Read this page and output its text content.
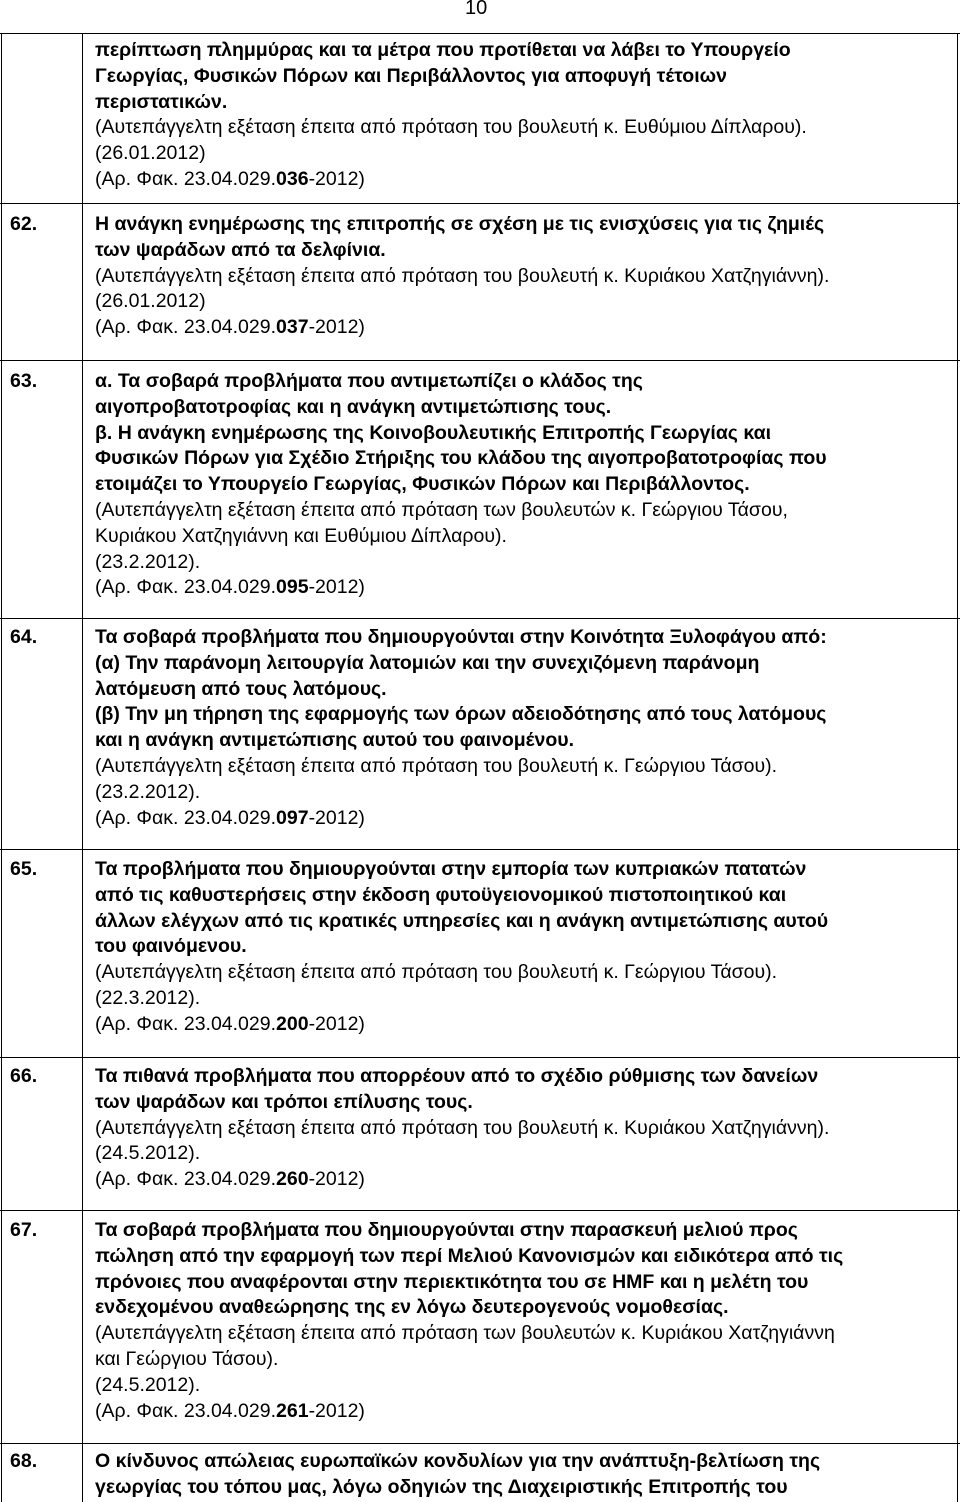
10
περίπτωση πλημμύρας και τα μέτρα που προτίθεται να λάβει το Υπουργείο
Γεωργίας, Φυσικών Πόρων και Περιβάλλοντος για αποφυγή τέτοιων
περιστατικών.
(Αυτεπάγγελτη εξέταση έπειτα από πρόταση του βουλευτή κ. Ευθύμιου Δίπλαρου).
(26.01.2012)
(Αρ. Φακ. 23.04.029.036-2012)
62.	Η ανάγκη ενημέρωσης της επιτροπής σε σχέση με τις ενισχύσεις για τις ζημιές
των ψαράδων από τα δελφίνια.
(Αυτεπάγγελτη εξέταση έπειτα από πρόταση του βουλευτή κ. Κυριάκου Χατζηγιάννη).
(26.01.2012)
(Αρ. Φακ. 23.04.029.037-2012)
63.	α. Τα σοβαρά προβλήματα που αντιμετωπίζει ο κλάδος της
αιγοπροβατοτροφίας και η ανάγκη αντιμετώπισης τους.
β. Η ανάγκη ενημέρωσης της Κοινοβουλευτικής Επιτροπής Γεωργίας και
Φυσικών Πόρων για Σχέδιο Στήριξης του κλάδου της αιγοπροβατοτροφίας που
ετοιμάζει το Υπουργείο Γεωργίας, Φυσικών Πόρων και Περιβάλλοντος.
(Αυτεπάγγελτη εξέταση έπειτα από πρόταση των βουλευτών κ. Γεώργιου Τάσου,
Κυριάκου Χατζηγιάννη και Ευθύμιου Δίπλαρου).
(23.2.2012).
(Αρ. Φακ. 23.04.029.095-2012)
64.	Τα σοβαρά προβλήματα που δημιουργούνται στην Κοινότητα Ξυλοφάγου από:
(α) Την παράνομη λειτουργία λατομιών και την συνεχιζόμενη παράνομη
λατόμευση από τους λατόμους.
(β) Την μη τήρηση της εφαρμογής των όρων αδειοδότησης από τους λατόμους
και η ανάγκη αντιμετώπισης αυτού του φαινομένου.
(Αυτεπάγγελτη εξέταση έπειτα από πρόταση του βουλευτή κ. Γεώργιου Τάσου).
(23.2.2012).
(Αρ. Φακ. 23.04.029.097-2012)
65.	Τα προβλήματα που δημιουργούνται στην εμπορία των κυπριακών πατατών
από τις καθυστερήσεις στην έκδοση φυτοϋγειονομικού πιστοποιητικού και
άλλων ελέγχων από τις κρατικές υπηρεσίες και η ανάγκη αντιμετώπισης αυτού
του φαινόμενου.
(Αυτεπάγγελτη εξέταση έπειτα από πρόταση του βουλευτή κ. Γεώργιου Τάσου).
(22.3.2012).
(Αρ. Φακ. 23.04.029.200-2012)
66.	Τα πιθανά προβλήματα που απορρέουν από το σχέδιο ρύθμισης των δανείων
των ψαράδων και τρόποι επίλυσης τους.
(Αυτεπάγγελτη εξέταση έπειτα από πρόταση του βουλευτή κ. Κυριάκου Χατζηγιάννη).
(24.5.2012).
(Αρ. Φακ. 23.04.029.260-2012)
67.	Τα σοβαρά προβλήματα που δημιουργούνται στην παρασκευή μελιού προς
πώληση από την εφαρμογή των περί Μελιού Κανονισμών και ειδικότερα από τις
πρόνοιες που αναφέρονται στην περιεκτικότητα του σε HMF και η μελέτη του
ενδεχομένου αναθεώρησης της εν λόγω δευτερογενούς νομοθεσίας.
(Αυτεπάγγελτη εξέταση έπειτα από πρόταση των βουλευτών κ. Κυριάκου Χατζηγιάννη
και Γεώργιου Τάσου).
(24.5.2012).
(Αρ. Φακ. 23.04.029.261-2012)
68.	Ο κίνδυνος απώλειας ευρωπαϊκών κονδυλίων για την ανάπτυξη-βελτίωση της
γεωργίας του τόπου μας, λόγω οδηγιών της Διαχειριστικής Επιτροπής του
